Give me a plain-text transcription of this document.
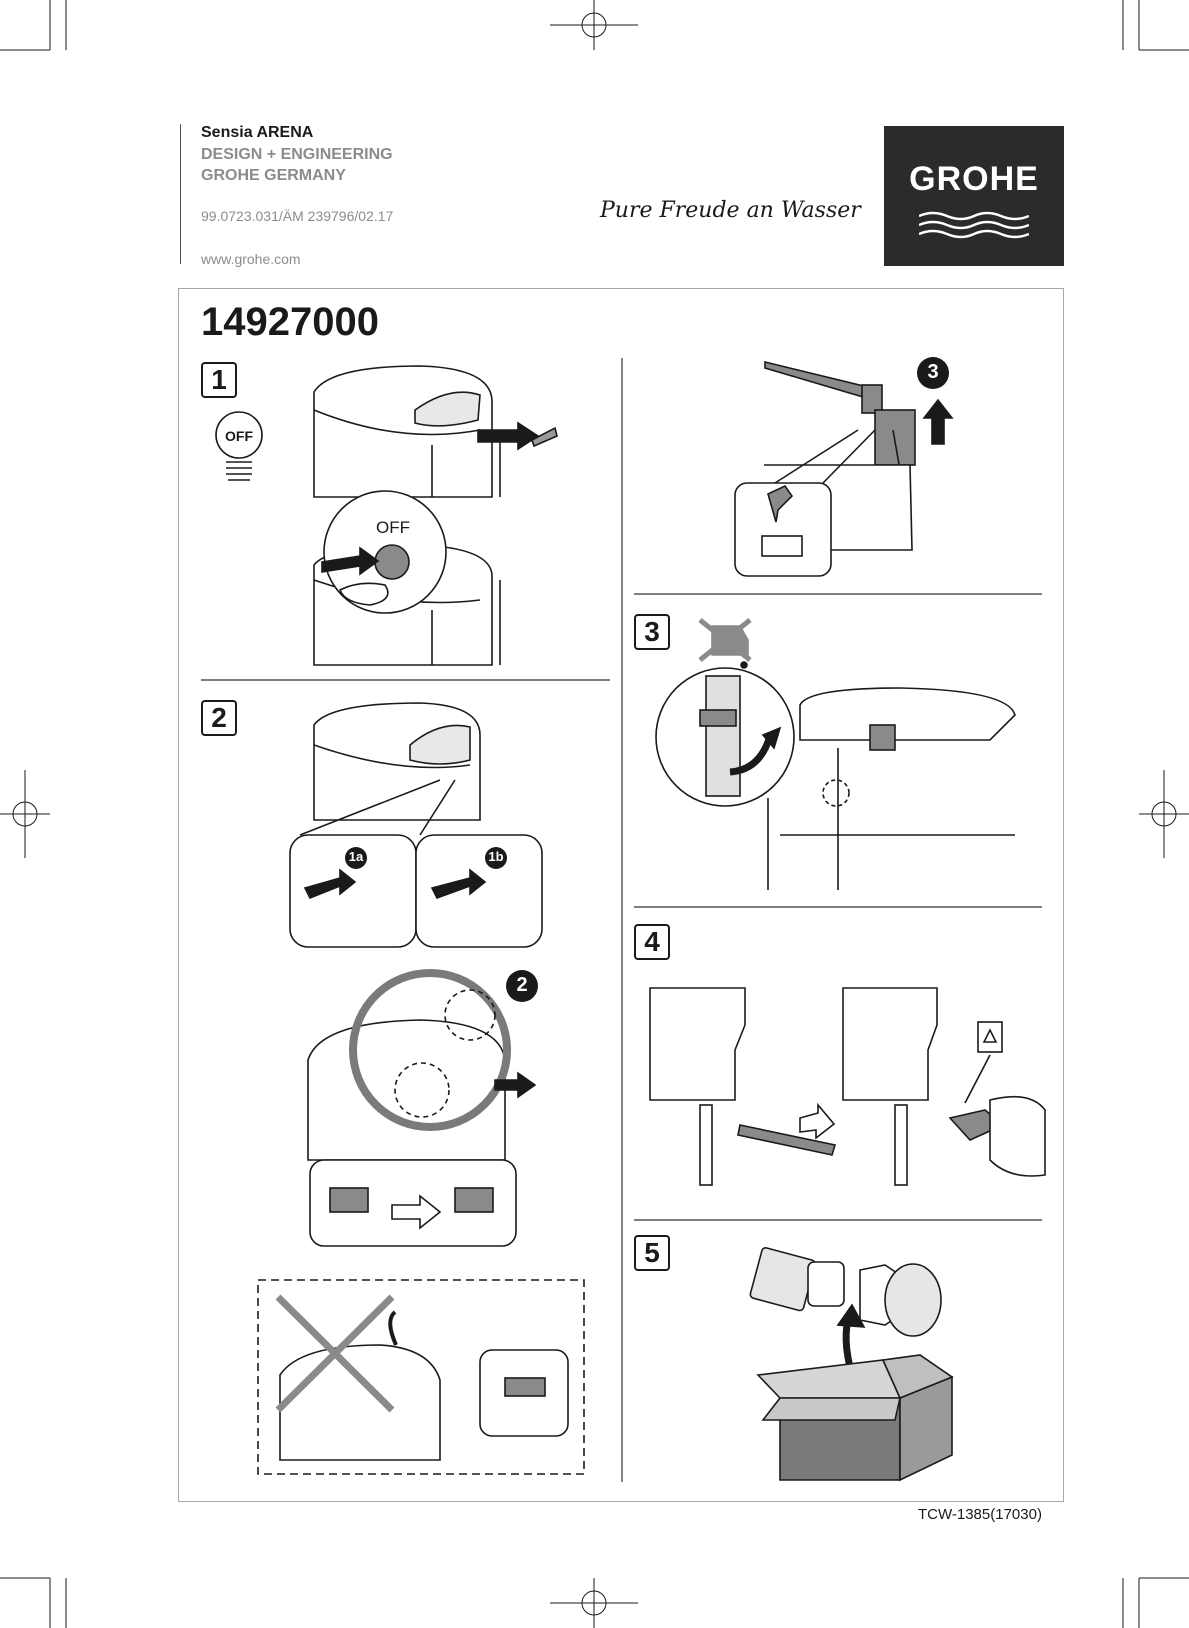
Sensia ARENA
DESIGN + ENGINEERING
GROHE GERMANY
99.0723.031/ÄM 239796/02.17
www.grohe.com
Pure Freude an Wasser
GROHE
14927000
1
2
3
4
5
OFF
OFF
1a	1b
2
3
TCW-1385(17030)
